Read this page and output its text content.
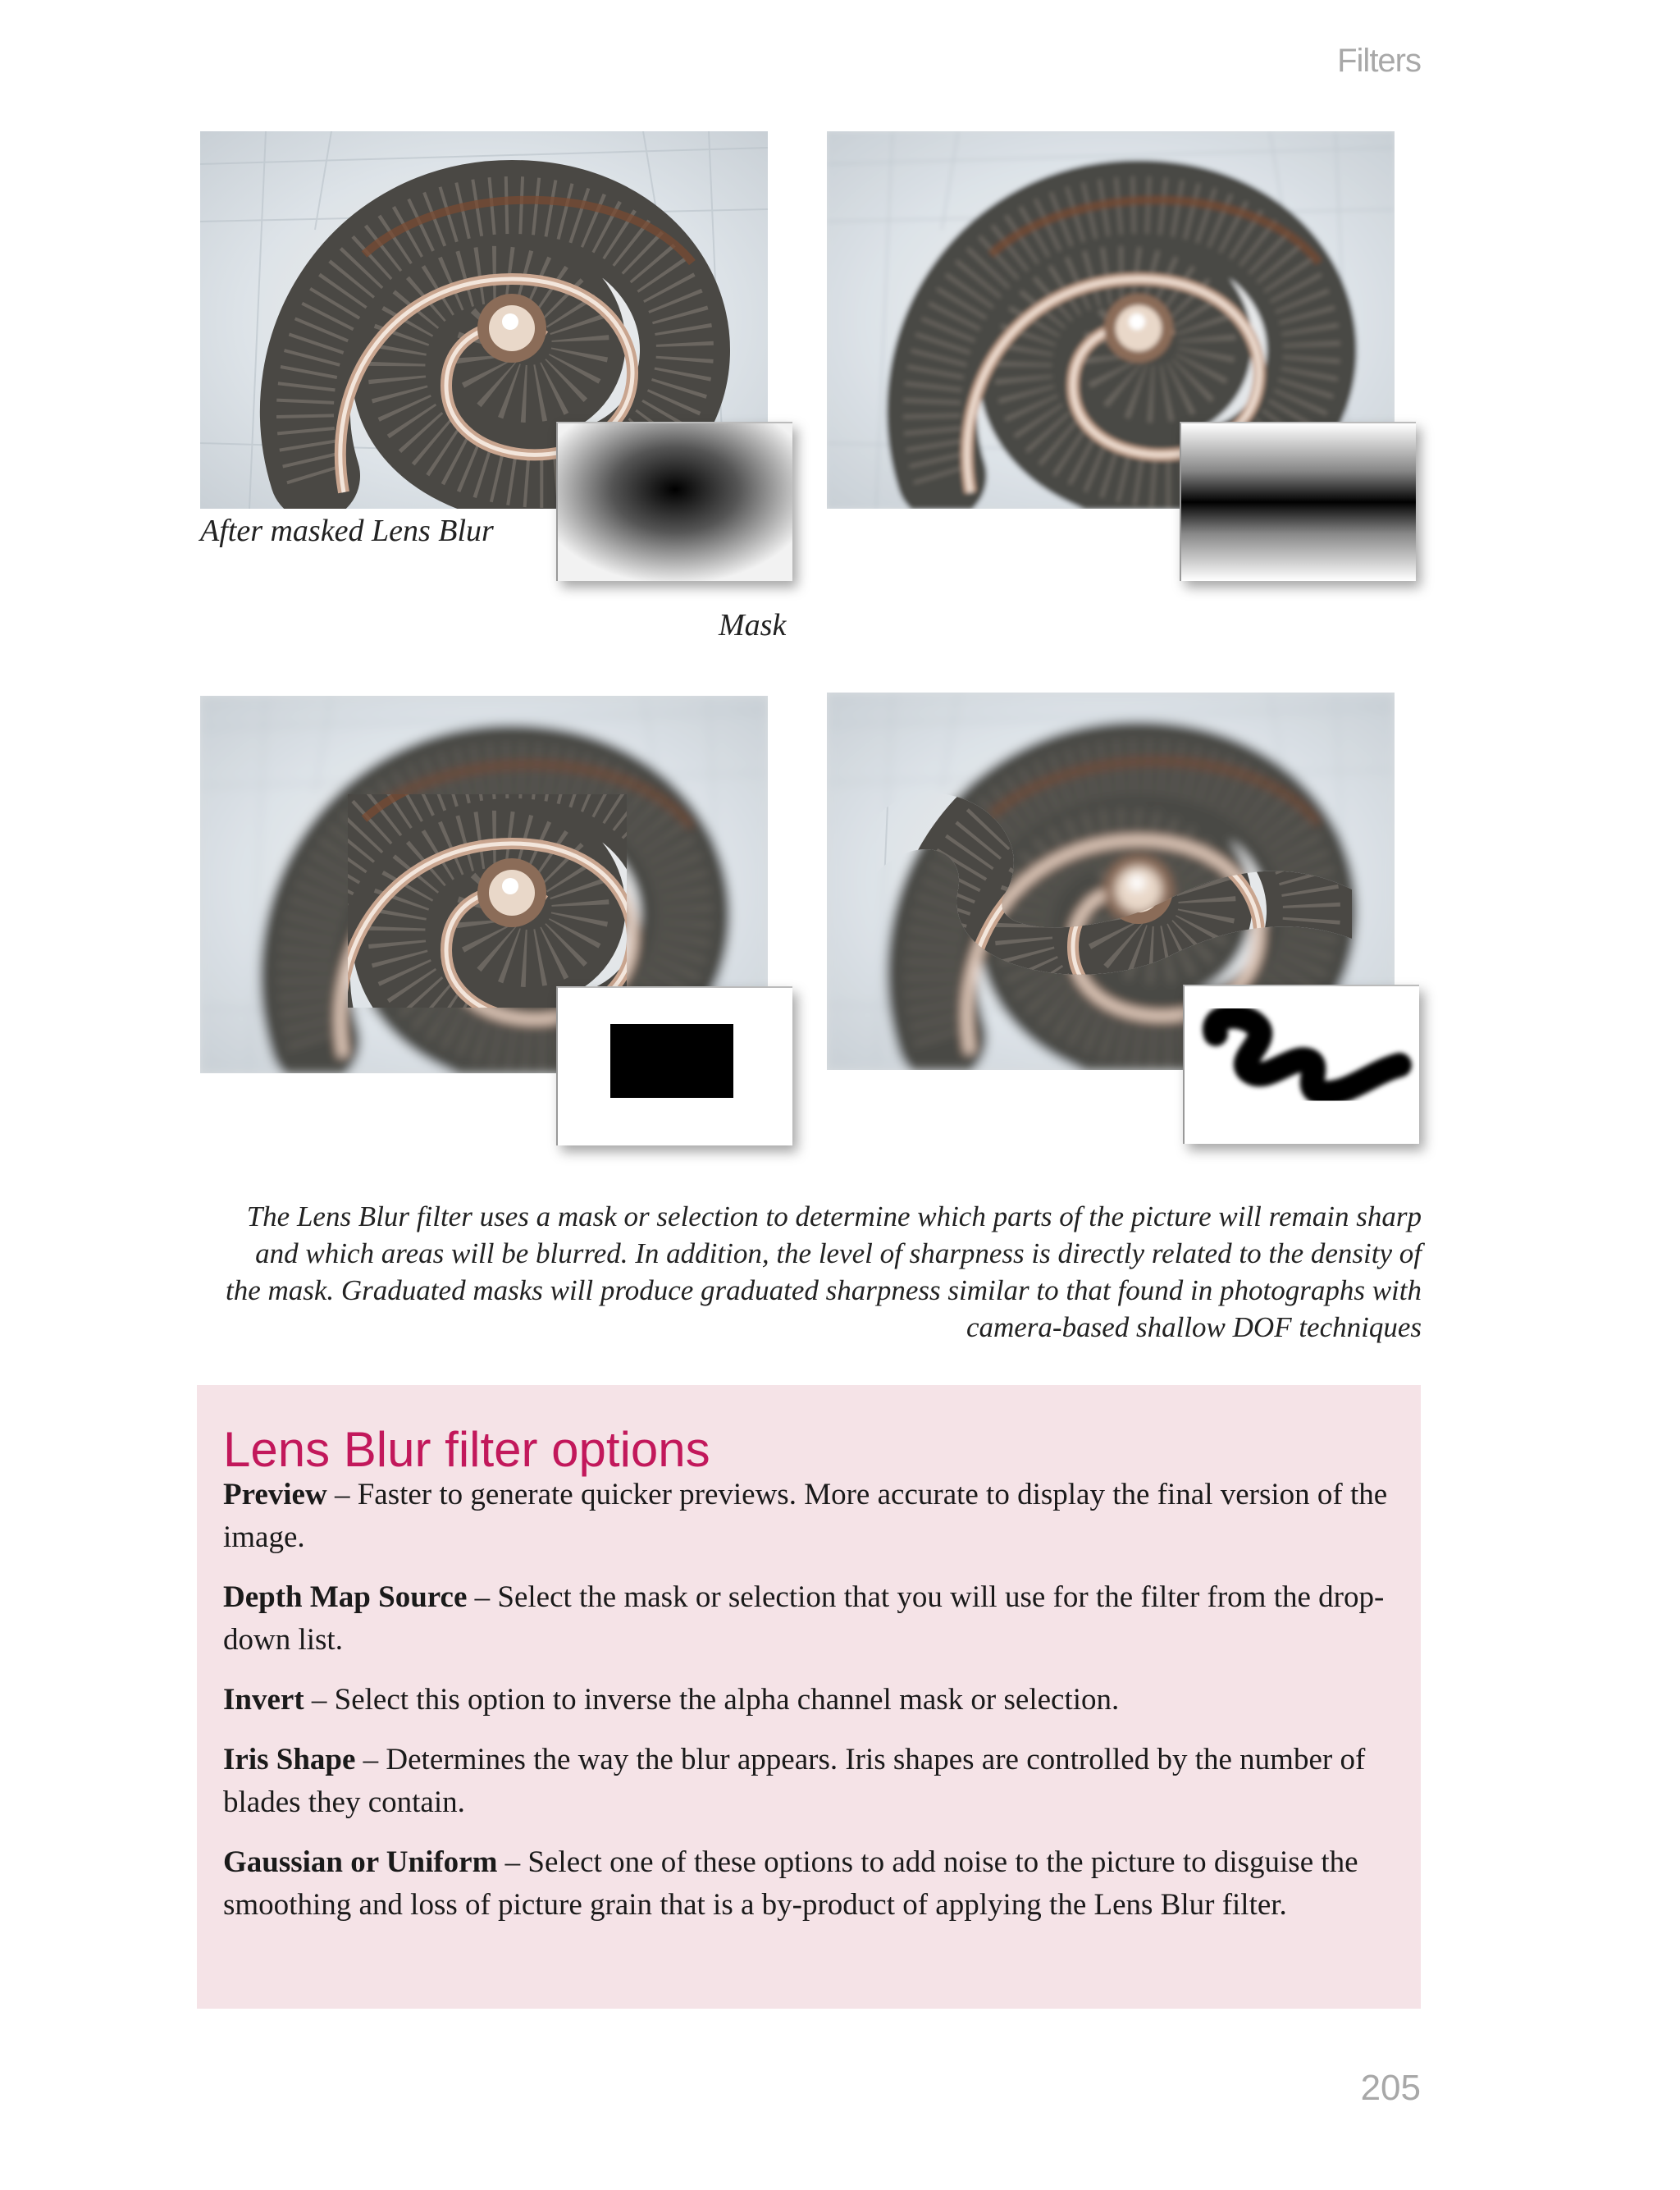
Filters
After masked Lens Blur
Mask
The Lens Blur filter uses a mask or selection to determine which parts of the picture will remain sharp and which areas will be blurred. In addition, the level of sharpness is directly related to the density of the mask. Graduated masks will produce graduated sharpness similar to that found in photographs with camera-based shallow DOF techniques
Lens Blur filter options

Preview – Faster to generate quicker previews. More accurate to display the final version of the image.

Depth Map Source – Select the mask or selection that you will use for the filter from the drop-down list.

Invert – Select this option to inverse the alpha channel mask or selection.

Iris Shape – Determines the way the blur appears. Iris shapes are controlled by the number of blades they contain.

Gaussian or Uniform – Select one of these options to add noise to the picture to disguise the smoothing and loss of picture grain that is a by-product of applying the Lens Blur filter.

205
